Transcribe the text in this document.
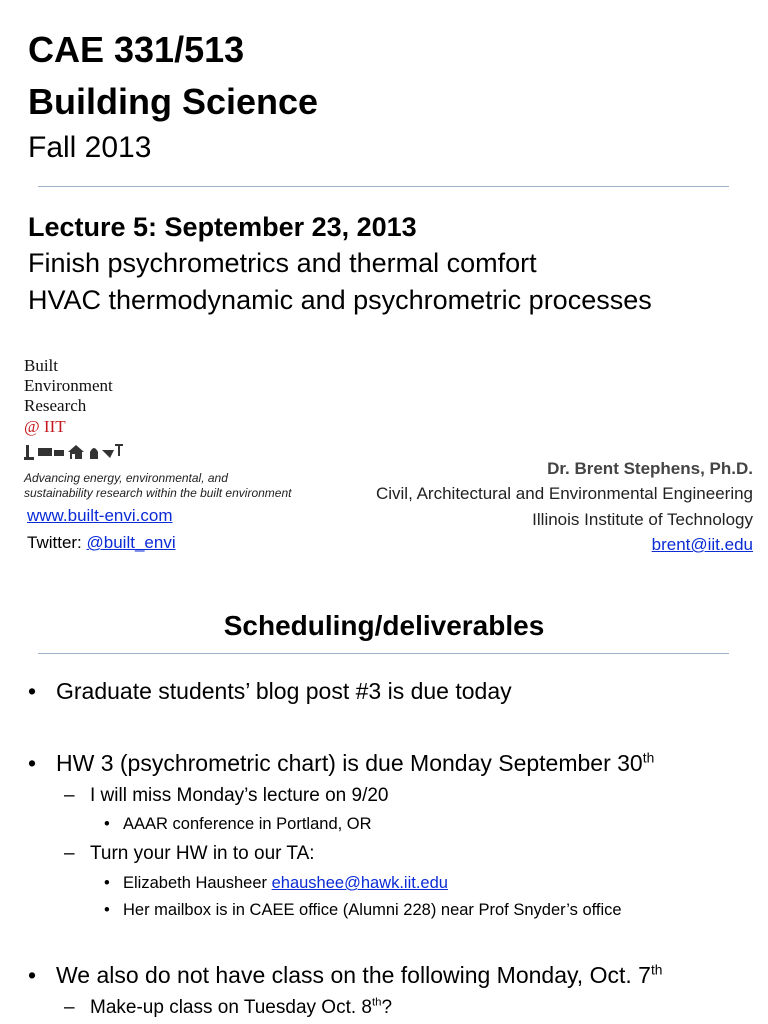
CAE 331/513
Building Science
Fall 2013
Lecture 5: September 23, 2013
Finish psychrometrics and thermal comfort
HVAC thermodynamic and psychrometric processes
Built
Environment
Research
@ IIT
Advancing energy, environmental, and
sustainability research within the built environment
www.built-envi.com
Twitter: @built_envi
Dr. Brent Stephens, Ph.D.
Civil, Architectural and Environmental Engineering
Illinois Institute of Technology
brent@iit.edu
Scheduling/deliverables
• Graduate students’ blog post #3 is due today
• HW 3 (psychrometric chart) is due Monday September 30th
– I will miss Monday’s lecture on 9/20
• AAAR conference in Portland, OR
– Turn your HW in to our TA:
• Elizabeth Hausheer ehaushee@hawk.iit.edu
• Her mailbox is in CAEE office (Alumni 228) near Prof Snyder’s office
• We also do not have class on the following Monday, Oct. 7th
– Make-up class on Tuesday Oct. 8th?
